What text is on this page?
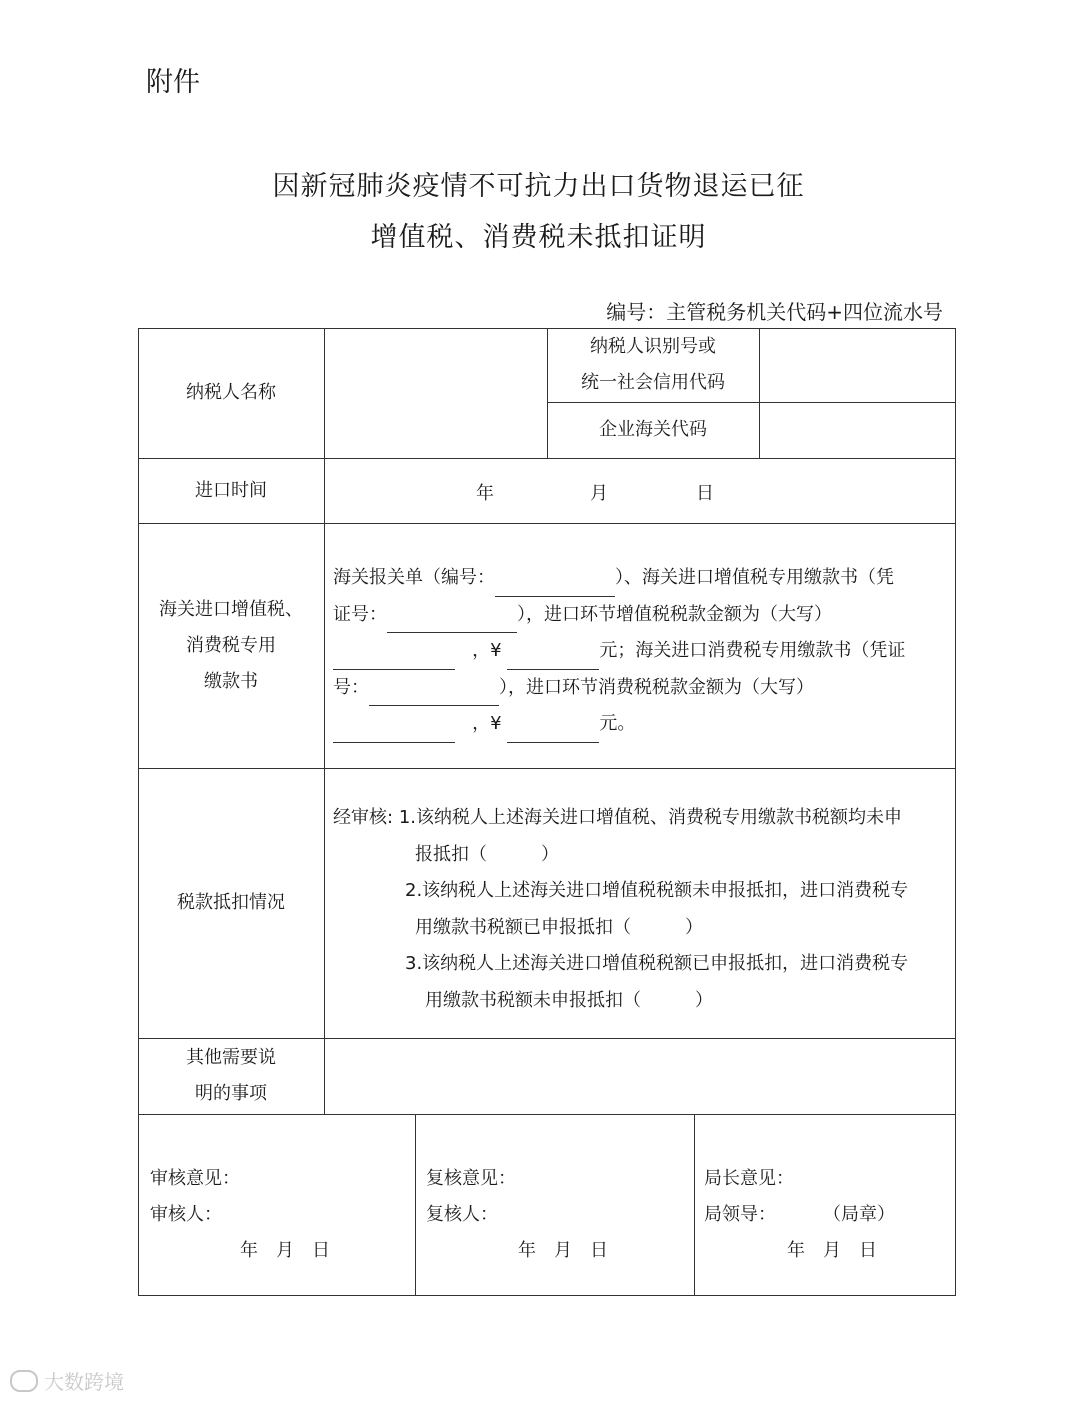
附件
因新冠肺炎疫情不可抗力出口货物退运已征
增值税、消费税未抵扣证明
编号：主管税务机关代码+四位流水号
纳税人名称
纳税人识别号或
统一社会信用代码
企业海关代码
进口时间	年	月	日
海关进口增值税、
消费税专用
缴款书
海关报关单（编号：	）、海关进口增值税专用缴款书（凭
证号：	），进口环节增值税税款金额为（大写）
，¥	元；海关进口消费税专用缴款书（凭证
号：	），进口环节消费税税款金额为（大写）
，¥	元。
税款抵扣情况
经审核: 1.该纳税人上述海关进口增值税、消费税专用缴款书税额均未申
报抵扣（　　　）
2.该纳税人上述海关进口增值税税额未申报抵扣，进口消费税专
用缴款书税额已申报抵扣（　　　）
3.该纳税人上述海关进口增值税税额已申报抵扣，进口消费税专
用缴款书税额未申报抵扣（　　　）
其他需要说
明的事项
审核意见：
审核人：
年　月　日
复核意见：
复核人：
年　月　日
局长意见：
局领导：	（局章）
年　月　日
大数跨境
